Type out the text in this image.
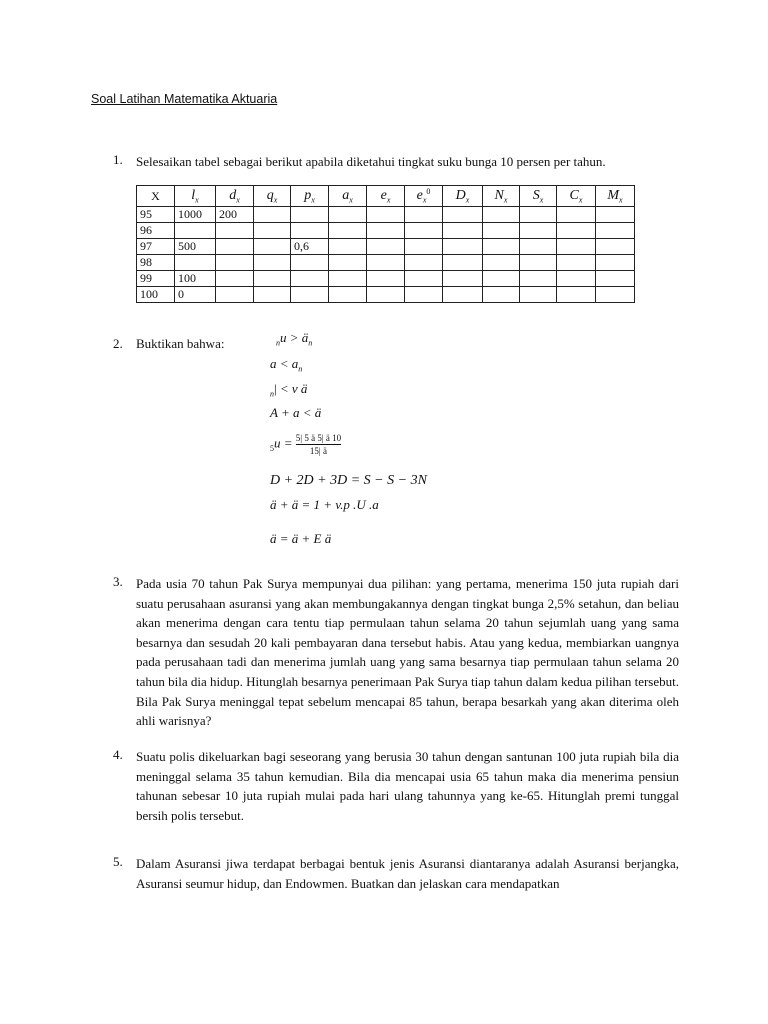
Soal Latihan Matematika Aktuaria
1. Selesaikan tabel sebagai berikut apabila diketahui tingkat suku bunga 10 persen per tahun.
X	$l_x$	$d_x$	$q_x$	$p_x$	$a_x$	$e_x$	$e_x^0$	$D_x$	$N_x$	$S_x$	$C_x$	$M_x$
95	1000	200										
96												
97	500			0,6								
98												
99	100											
100	0											
2. Buktikan bahwa:	$_nu > ä_n$
$a < a_n$
$_n$| < v ä
A + a < ä
$_5u = \frac{5| 5 ä 5| ä 10}{15| ä}$
D + 2D + 3D = S − S − 3N
ä + ä = 1 + v.p .U .a
ä = ä + E ä
3. Pada usia 70 tahun Pak Surya mempunyai dua pilihan: yang pertama, menerima 150 juta rupiah dari suatu perusahaan asuransi yang akan membungakannya dengan tingkat bunga 2,5% setahun, dan beliau akan menerima dengan cara tentu tiap permulaan tahun selama 20 tahun sejumlah uang yang sama besarnya dan sesudah 20 kali pembayaran dana tersebut habis. Atau yang kedua, membiarkan uangnya pada perusahaan tadi dan menerima jumlah uang yang sama besarnya tiap permulaan tahun selama 20 tahun bila dia hidup. Hitunglah besarnya penerimaan Pak Surya tiap tahun dalam kedua pilihan tersebut. Bila Pak Surya meninggal tepat sebelum mencapai 85 tahun, berapa besarkah yang akan diterima oleh ahli warisnya?
4. Suatu polis dikeluarkan bagi seseorang yang berusia 30 tahun dengan santunan 100 juta rupiah bila dia meninggal selama 35 tahun kemudian. Bila dia mencapai usia 65 tahun maka dia menerima pensiun tahunan sebesar 10 juta rupiah mulai pada hari ulang tahunnya yang ke-65. Hitunglah premi tunggal bersih polis tersebut.
5. Dalam Asuransi jiwa terdapat berbagai bentuk jenis Asuransi diantaranya adalah Asuransi berjangka, Asuransi seumur hidup, dan Endowmen. Buatkan dan jelaskan cara mendapatkan
